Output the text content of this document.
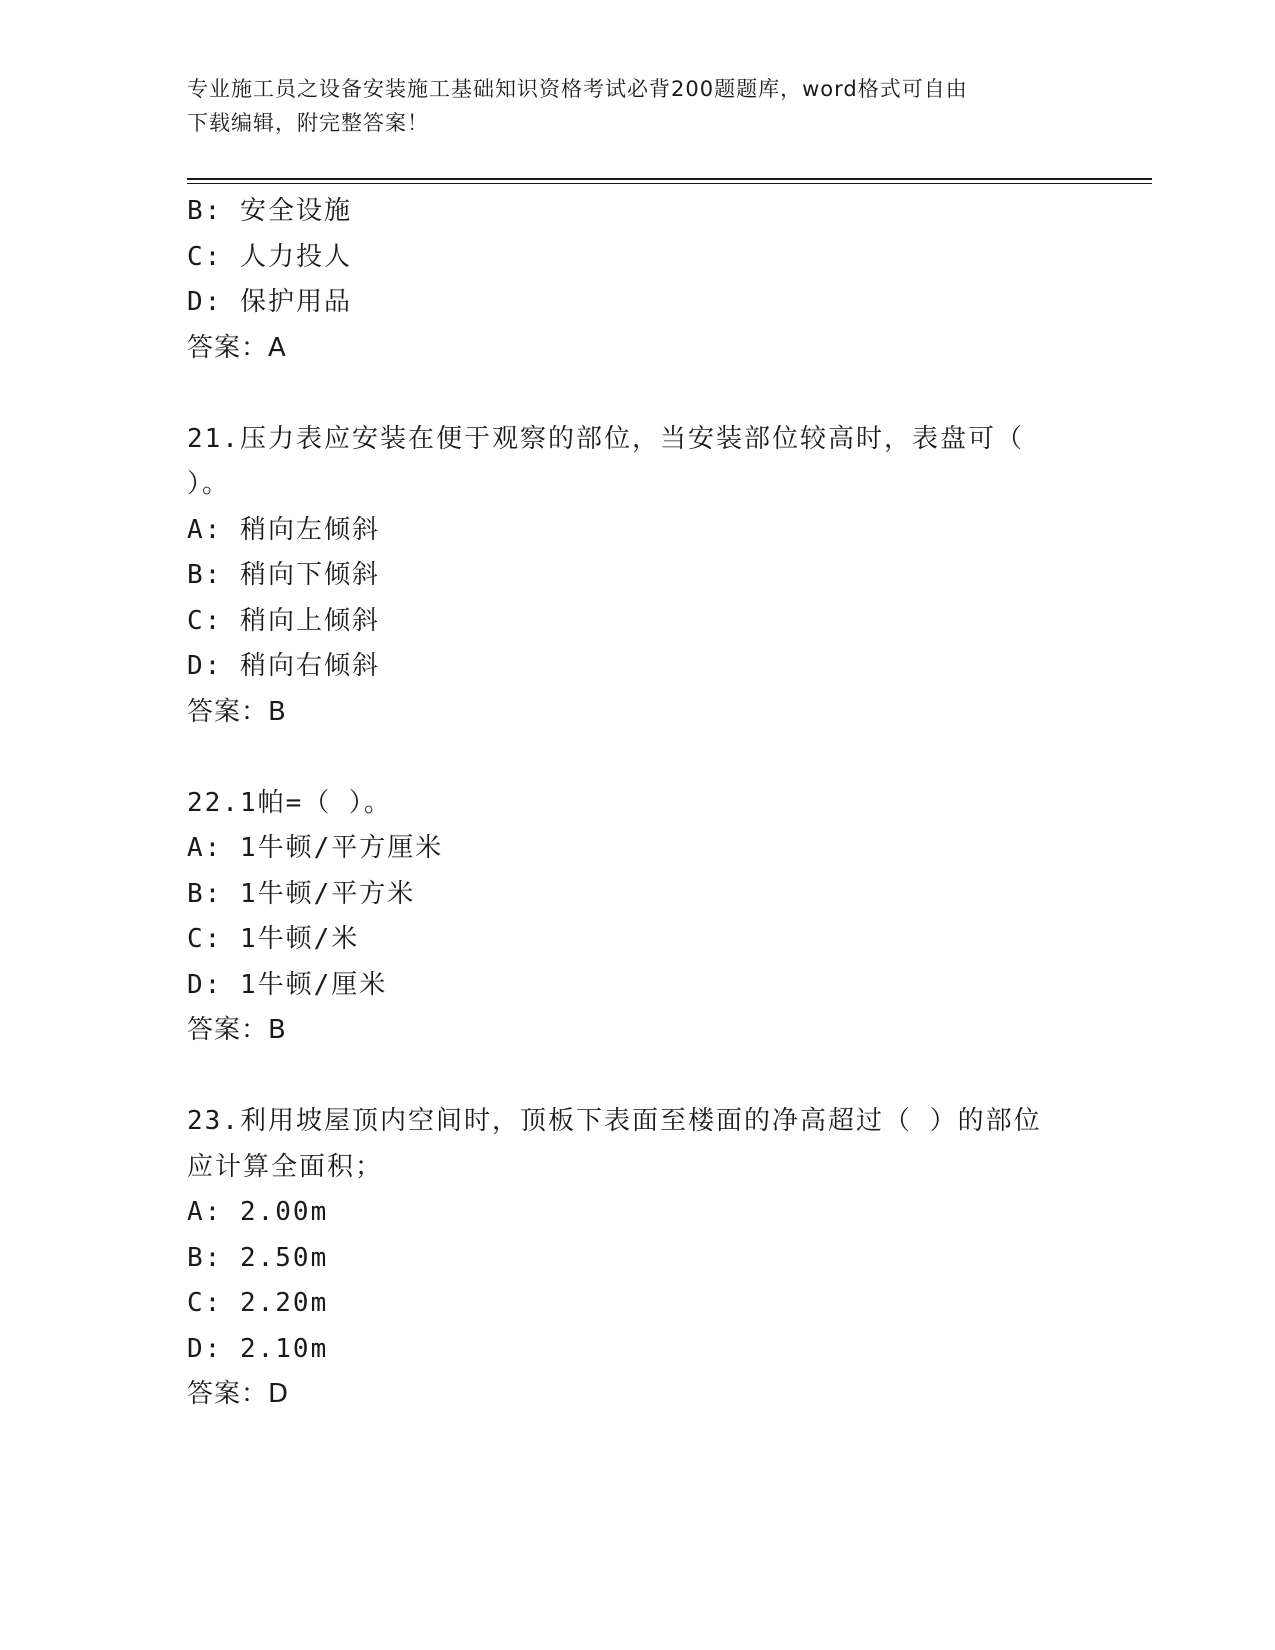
专业施工员之设备安装施工基础知识资格考试必背200题题库，word格式可自由
下载编辑，附完整答案！
B: 安全设施
C: 人力投人
D: 保护用品
答案：A
21.压力表应安装在便于观察的部位，当安装部位较高时，表盘可（
）。
A: 稍向左倾斜
B: 稍向下倾斜
C: 稍向上倾斜
D: 稍向右倾斜
答案：B
22.1帕=（ ）。
A: 1牛顿/平方厘米
B: 1牛顿/平方米
C: 1牛顿/米
D: 1牛顿/厘米
答案：B
23.利用坡屋顶内空间时，顶板下表面至楼面的净高超过（ ）的部位
应计算全面积；
A: 2.00m
B: 2.50m
C: 2.20m
D: 2.10m
答案：D
